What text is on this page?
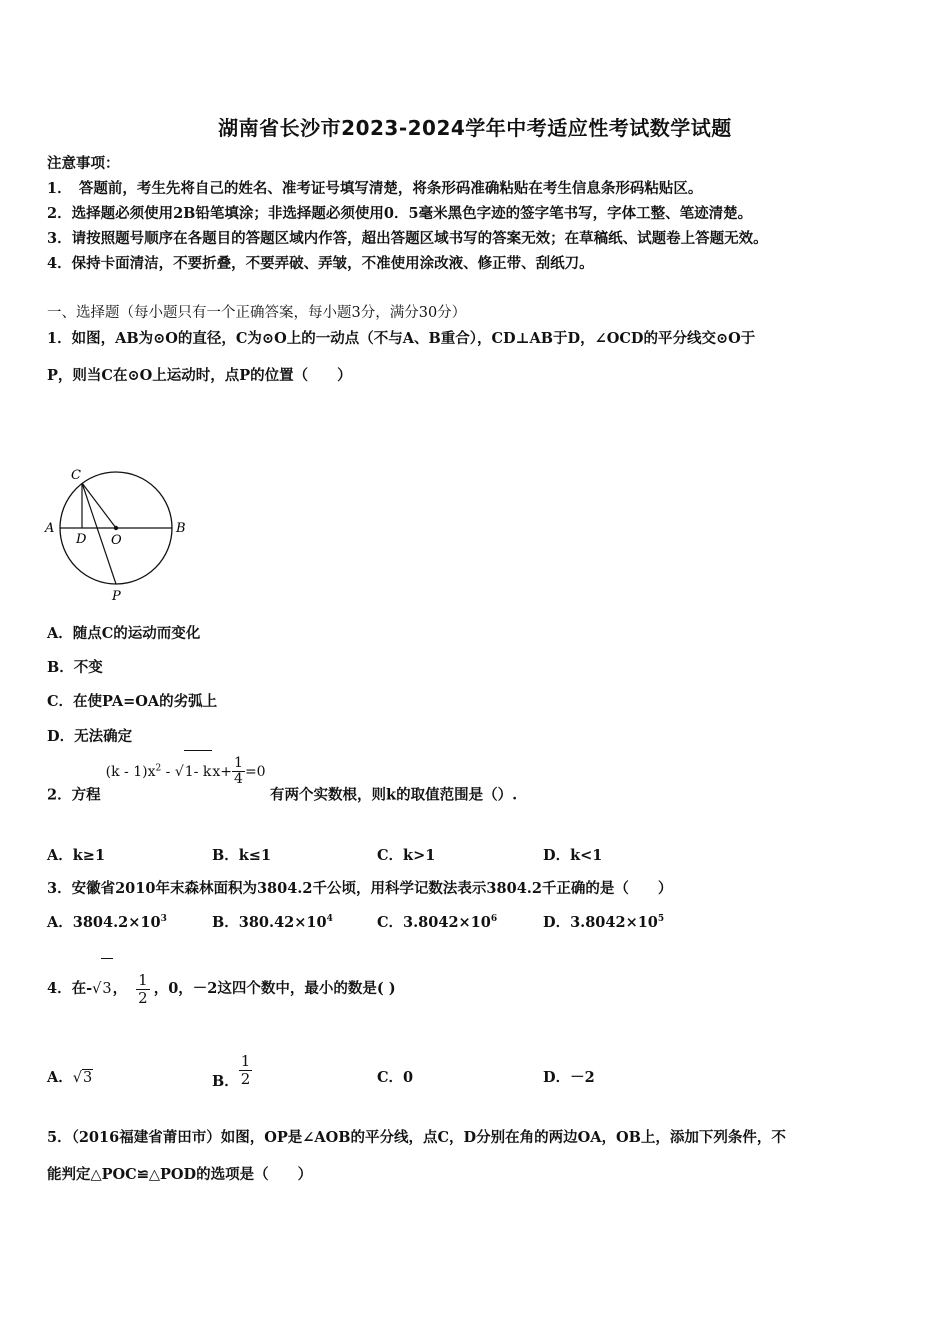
湖南省长沙市2023-2024学年中考适应性考试数学试题
注意事项：
1．　答题前，考生先将自己的姓名、准考证号填写清楚，将条形码准确粘贴在考生信息条形码粘贴区。
2．选择题必须使用2B铅笔填涂；非选择题必须使用0．5毫米黑色字迹的签字笔书写，字体工整、笔迹清楚。
3．请按照题号顺序在各题目的答题区域内作答，超出答题区域书写的答案无效；在草稿纸、试题卷上答题无效。
4．保持卡面清洁，不要折叠，不要弄破、弄皱，不准使用涂改液、修正带、刮纸刀。
一、选择题（每小题只有一个正确答案，每小题3分，满分30分）
1．如图，AB为⊙O的直径，C为⊙O上的一动点（不与A、B重合），CD⊥AB于D，∠OCD的平分线交⊙O于
P，则当C在⊙O上运动时，点P的位置（　　）
C
A	B
D O
P
A．随点C的运动而变化
B．不变
C．在使PA=OA的劣弧上
D．无法确定
2．方程 $(k - 1)x^2 - √1-$ $kx+ \frac{1}{4} =0$ 有两个实数根，则k的取值范围是（）.
A．k≥1	B．k≤1	C．k>1	D．k<1
3．安徽省2010年末森林面积为3804.2千公顷，用科学记数法表示3804.2千正确的是（　　）
A．$3804.2\times 10^3$	B．$380.42\times 10^4$	C．$3.8042\times 10^6$	D．$3.8042\times 10^5$
4．在-√3， $\frac{1}{2}$ ，0，－2这四个数中，最小的数是( )
A．√3	B． $\frac{1}{2}$	C．0	D．－2
5．（2016福建省莆田市）如图，OP是∠AOB的平分线，点C，D分别在角的两边OA，OB上，添加下列条件，不
能判定△POC≌△POD的选项是（　　）
